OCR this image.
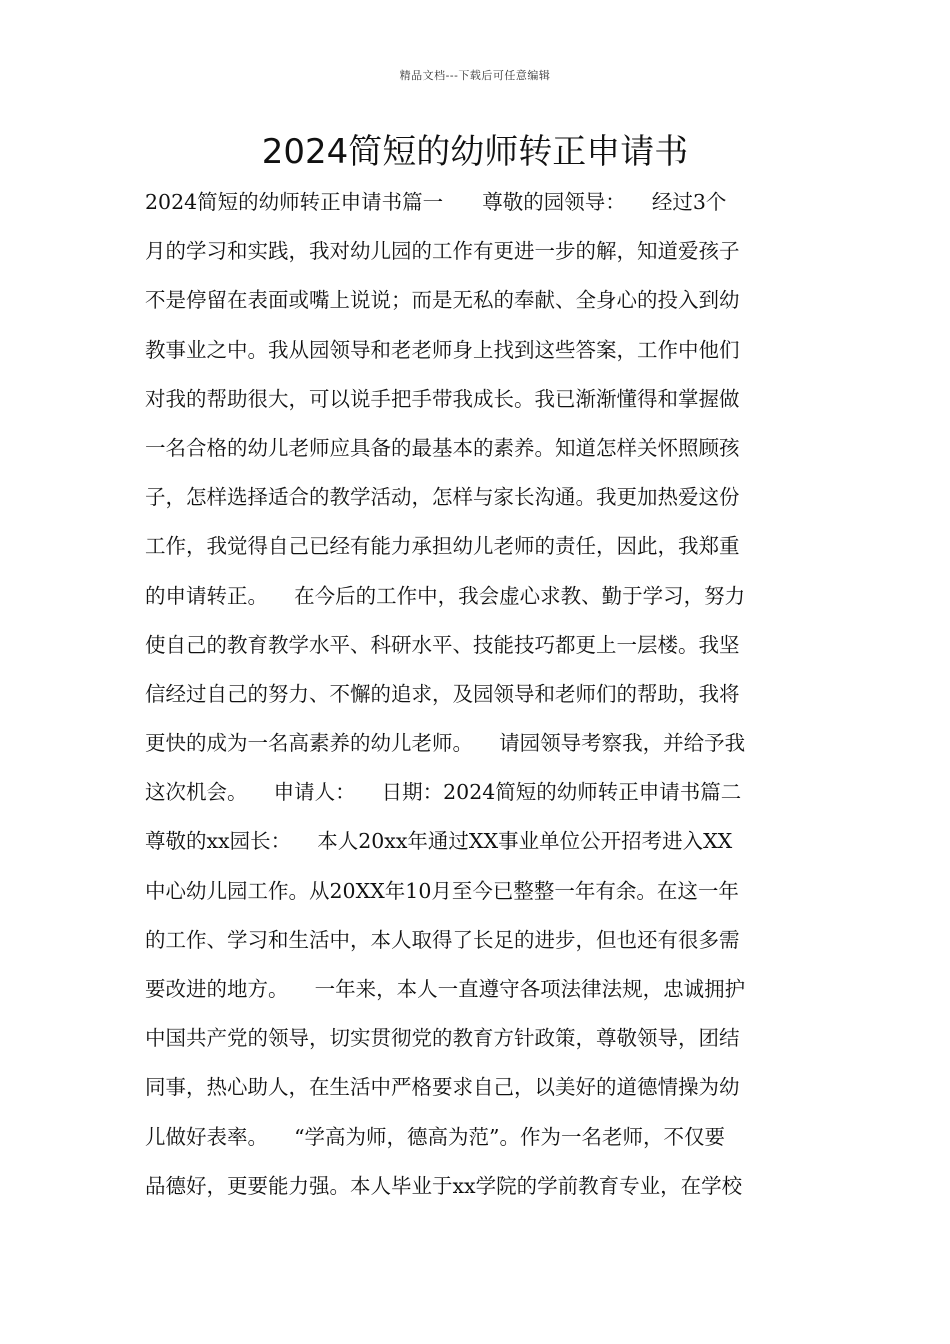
精品文档---下载后可任意编辑
2024简短的幼师转正申请书
2024简短的幼师转正申请书篇一      尊敬的园领导：    经过3个
月的学习和实践，我对幼儿园的工作有更进一步的解，知道爱孩子
不是停留在表面或嘴上说说；而是无私的奉献、全身心的投入到幼
教事业之中。我从园领导和老老师身上找到这些答案，工作中他们
对我的帮助很大，可以说手把手带我成长。我已渐渐懂得和掌握做
一名合格的幼儿老师应具备的最基本的素养。知道怎样关怀照顾孩
子，怎样选择适合的教学活动，怎样与家长沟通。我更加热爱这份
工作，我觉得自己已经有能力承担幼儿老师的责任，因此，我郑重
的申请转正。    在今后的工作中，我会虚心求教、勤于学习，努力
使自己的教育教学水平、科研水平、技能技巧都更上一层楼。我坚
信经过自己的努力、不懈的追求，及园领导和老师们的帮助，我将
更快的成为一名高素养的幼儿老师。    请园领导考察我，并给予我
这次机会。    申请人：    日期：2024简短的幼师转正申请书篇二
尊敬的xx园长：    本人20xx年通过XX事业单位公开招考进入XX
中心幼儿园工作。从20XX年10月至今已整整一年有余。在这一年
的工作、学习和生活中，本人取得了长足的进步，但也还有很多需
要改进的地方。    一年来，本人一直遵守各项法律法规，忠诚拥护
中国共产党的领导，切实贯彻党的教育方针政策，尊敬领导，团结
同事，热心助人，在生活中严格要求自己，以美好的道德情操为幼
儿做好表率。    “学高为师，德高为范”。作为一名老师，不仅要
品德好，更要能力强。本人毕业于xx学院的学前教育专业，在学校
